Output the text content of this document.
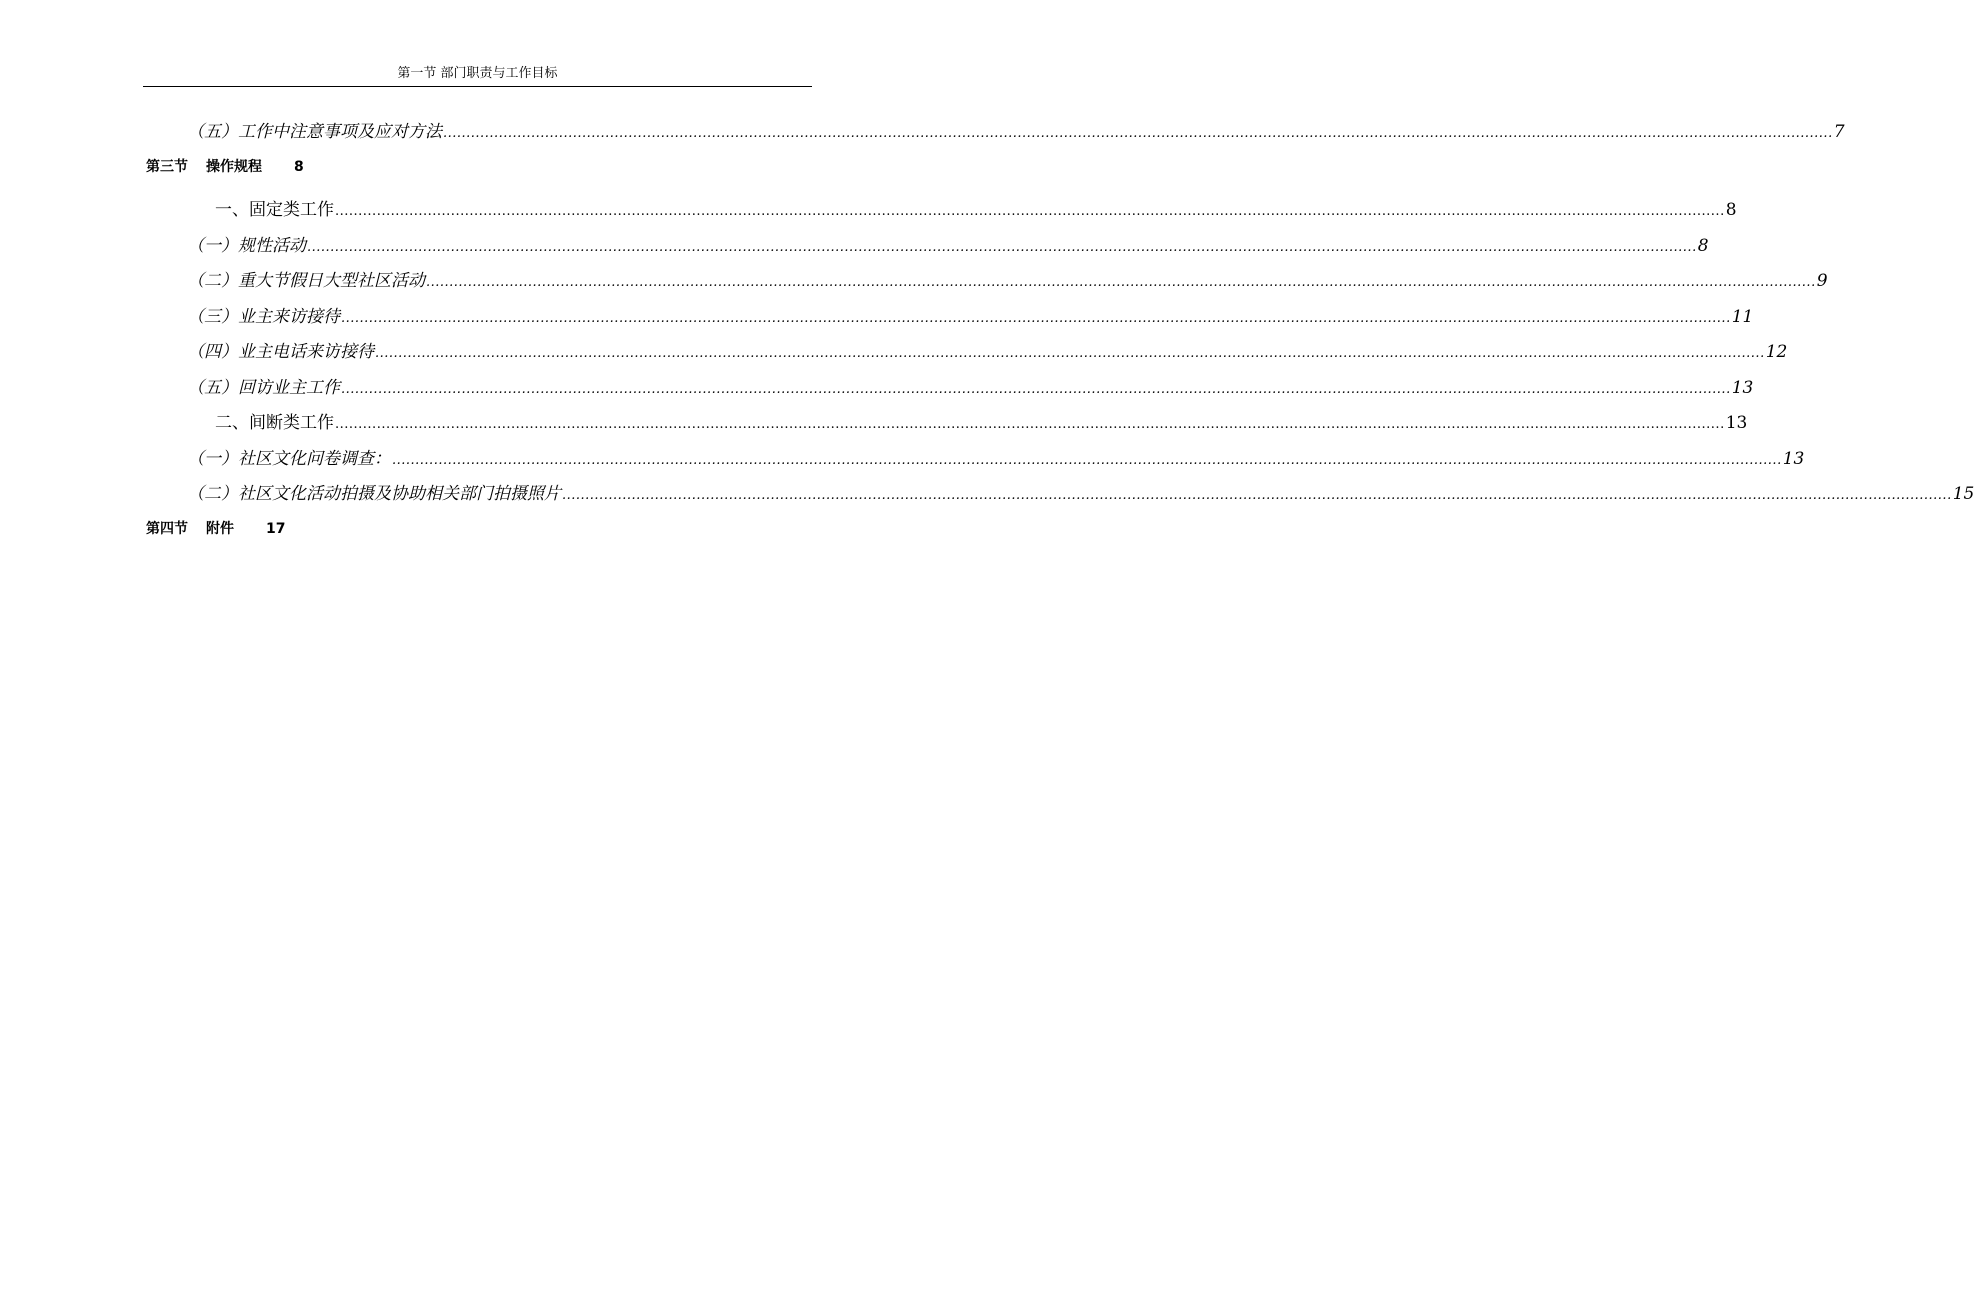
第一节 部门职责与工作目标
（五）工作中注意事项及应对方法 ............................................................................................................................................................................................................................................................................................................ 7
第三节 操作规程 8
一、固定类工作 ............................................................................................................................................................................................................................................................................................................ 8
（一）规性活动 ............................................................................................................................................................................................................................................................................................................ 8
（二）重大节假日大型社区活动 ............................................................................................................................................................................................................................................................................................................ 9
（三）业主来访接待 ............................................................................................................................................................................................................................................................................................................ 11
（四）业主电话来访接待 ............................................................................................................................................................................................................................................................................................................ 12
（五）回访业主工作 ............................................................................................................................................................................................................................................................................................................ 13
二、间断类工作 ............................................................................................................................................................................................................................................................................................................ 13
（一）社区文化问卷调查： ............................................................................................................................................................................................................................................................................................................ 13
（二）社区文化活动拍摄及协助相关部门拍摄照片 ............................................................................................................................................................................................................................................................................................................ 15
第四节 附件 17
